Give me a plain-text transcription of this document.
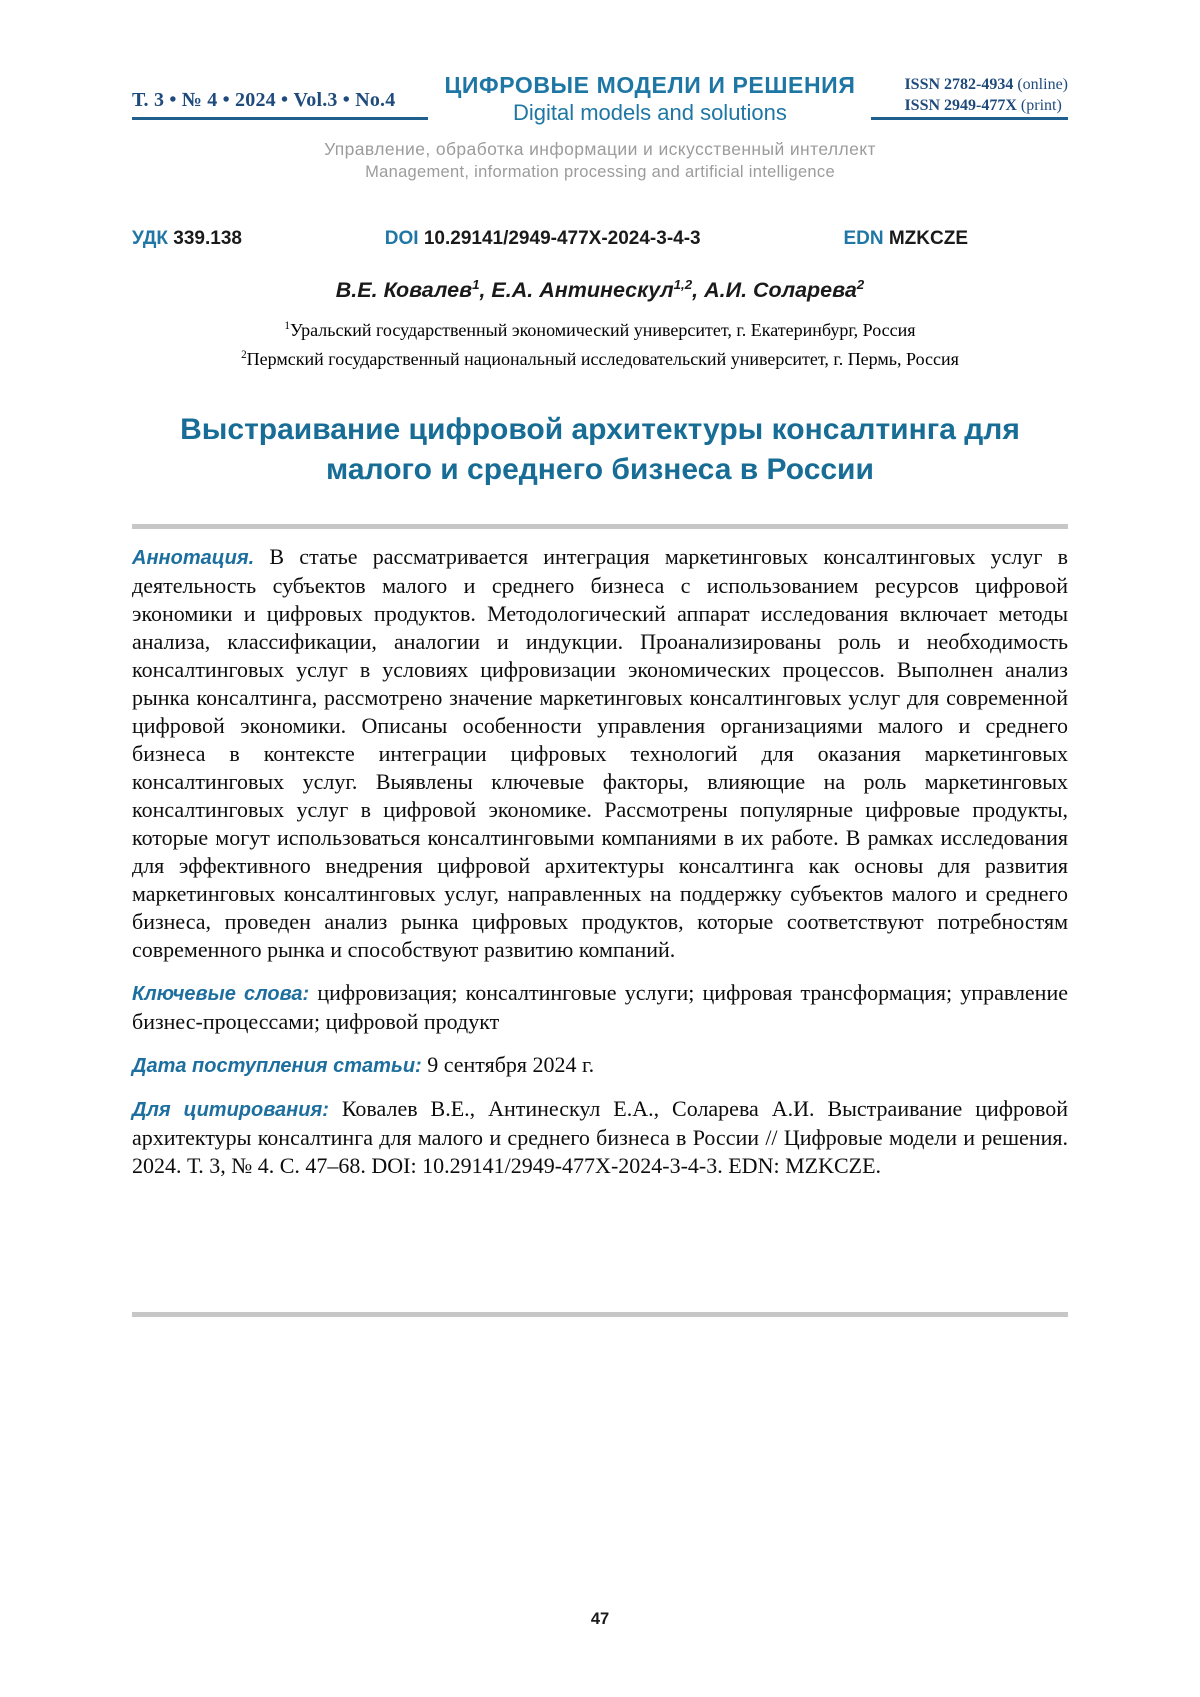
Т. 3 • № 4 • 2024 • Vol.3 • No.4
ЦИФРОВЫЕ МОДЕЛИ И РЕШЕНИЯ
Digital models and solutions
ISSN 2782-4934 (online)
ISSN 2949-477X (print)
Управление, обработка информации и искусственный интеллект
Management, information processing and artificial intelligence
УДК 339.138	DOI 10.29141/2949-477X-2024-3-4-3	EDN MZKCZE
В.Е. Ковалев$^1$, Е.А. Антинескул$^{1,2}$, А.И. Соларева$^2$
$^1$Уральский государственный экономический университет, г. Екатеринбург, Россия
$^2$Пермский государственный национальный исследовательский университет, г. Пермь, Россия
Выстраивание цифровой архитектуры консалтинга для малого и среднего бизнеса в России

Аннотация. В статье рассматривается интеграция маркетинговых консалтинговых услуг в деятельность субъектов малого и среднего бизнеса с использованием ресурсов цифровой экономики и цифровых продуктов. Методологический аппарат исследования включает методы анализа, классификации, аналогии и индукции. Проанализированы роль и необходимость консалтинговых услуг в условиях цифровизации экономических процессов. Выполнен анализ рынка консалтинга, рассмотрено значение маркетинговых консалтинговых услуг для современной цифровой экономики. Описаны особенности управления организациями малого и среднего бизнеса в контексте интеграции цифровых технологий для оказания маркетинговых консалтинговых услуг. Выявлены ключевые факторы, влияющие на роль маркетинговых консалтинговых услуг в цифровой экономике. Рассмотрены популярные цифровые продукты, которые могут использоваться консалтинговыми компаниями в их работе. В рамках исследования для эффективного внедрения цифровой архитектуры консалтинга как основы для развития маркетинговых консалтинговых услуг, направленных на поддержку субъектов малого и среднего бизнеса, проведен анализ рынка цифровых продуктов, которые соответствуют потребностям современного рынка и способствуют развитию компаний.

Ключевые слова: цифровизация; консалтинговые услуги; цифровая трансформация; управление бизнес-процессами; цифровой продукт

Дата поступления статьи: 9 сентября 2024 г.

Для цитирования: Ковалев В.Е., Антинескул Е.А., Соларева А.И. Выстраивание цифровой архитектуры консалтинга для малого и среднего бизнеса в России // Цифровые модели и решения. 2024. Т. 3, № 4. С. 47–68. DOI: 10.29141/2949-477X-2024-3-4-3. EDN: MZKCZE.

47
